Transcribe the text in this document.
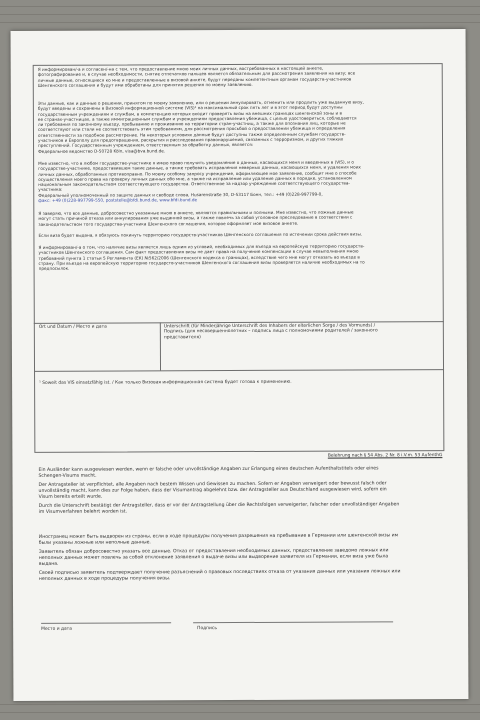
Я информирован/-а и согласен/-на с тем, что предоставление мною моих личных данных, востребованных в настоящей анкете,
фотографирование и, в случае необходимости, снятие отпечатков пальцев является обязательным для рассмотрения заявления на визу; все
личные данные, относящиеся ко мне и предоставленные в визовой анкете, будут переданы компетентным органам государств-участников
Шенгенского соглашения и будут ими обработаны для принятия решения по моему заявлению.
Эти данные, как и данные о решении, принятом по моему заявлению, или о решении аннулировать, отменить или продлить уже выданную визу,
будут введены и сохранены в Визовой информационной системе (VIS)¹ на максимальный срок пять лет и в этот период будут доступны
государственным учреждениям и службам, в компетенцию которых входит проверять визы на внешних границах шенгенской зоны и в
ее странах-участницах, а также иммиграционным службам и учреждениям предоставления убежища, с целью удостовериться, соблюдаются
ли требования по законному въезду, пребыванию и проживанию на территории стран-участниц, а также для опознания лиц, которые не
соответствуют или стали не соответствовать этим требованиям, для рассмотрения просьбой о предоставлении убежища и определения
ответственности за подобное рассмотрение. На некоторых условиях данные будут доступны также определенным службам государств-
участников и Европолу для предотвращения, раскрытия и расследования правонарушений, связанных с терроризмом, и других тяжких
преступлений. Государственным учреждением, ответственным за обработку данных, является:
Федеральное ведомство D-50728 Köln, visa@bva.bund.de.
Мне известно, что в любом государстве-участнике я имею право получить уведомление о данных, касающихся меня и введенных в (VIS), и о
государстве-участнике, предоставившем такие данные, а также требовать исправления неверных данных, касающихся меня, и удаления моих
личных данных, обработанных противоправно. По моему особому запросу учреждение, оформляющее мое заявление, сообщит мне о способе
осуществления моего права на проверку личных данных обо мне, а также на исправление или удаление данных в порядке, установленном
национальным законодательством соответствующего государства. Ответственное за надзор учреждение соответствующего государства-
участника:
Федеральный уполномоченный по защите данных и свободе слова, Husarenstraße 30, D-53117 Бонн, тел.: +49 (0)228-997799-0,
факс: +49 (0)228-997799-550, poststelle@bfdi.bund.de, www.bfdi.bund.de
Я заверяю, что все данные, добросовестно указанные мною в анкете, являются правильными и полными. Мне известно, что ложные данные
могут стать причиной отказа или аннулирования уже выданной визы, а также повлечь за собой уголовное преследование в соответствии с
законодательством того государства-участника Шенгенского соглашения, которое оформляет мое визовое анкете.
Если виза будет выдана, я обязуюсь покинуть территорию государств-участников Шенгенского соглашения по истечении срока действия визы.
Я информирован/-а о том, что наличие визы является лишь одним из условий, необходимых для въезда на европейскую территорию государств-
участников Шенгенского соглашения. Сам факт предоставления визы не дает права на получение компенсации в случае невыполнения мною
требований пункта 1 статьи 5 Регламента (ЕК) №562/2006 (Шенгенского кодекса о границах), вследствие чего мне могут отказать во въезде в
страну. При въезде на европейскую территорию государств-участников Шенгенского соглашения визы проверяется наличие необходимых на то
предпосылок.
Ort und Datum / Место и дата	Unterschrift (für Minderjährige Unterschrift des Inhabers der elterlichen Sorge / des Vormunds) /
Подпись (для несовершеннолетних – подпись лица с полномочиями родителей / законного
представителя)
¹ Soweit das VIS einsatzfähig ist. / Как только Визовая информационная система будет готова к применению.
Belehrung nach § 54 Abs. 2 Nr. 8 i.V.m. 53 AufenthG
Ein Ausländer kann ausgewiesen werden, wenn er falsche oder unvollständige Angaben zur Erlangung eines deutschen Aufenthaltstitels oder eines
Schengen-Visums macht.
Der Antragsteller ist verpflichtet, alle Angaben nach bestem Wissen und Gewissen zu machen. Sofern er Angaben verweigert oder bewusst falsch oder
unvollständig macht, kann dies zur Folge haben, dass der Visumantrag abgelehnt bzw. der Antragsteller aus Deutschland ausgewiesen wird, sofern ein
Visum bereits erteilt wurde.
Durch die Unterschrift bestätigt der Antragsteller, dass er vor der Antragstellung über die Rechtsfolgen verweigerter, falscher oder unvollständiger Angaben
im Visumverfahren belehrt worden ist.
Иностранец может быть выдворен из страны, если в ходе процедуры получения разрешения на пребывание в Германии или шенгенской визы им
были указаны ложные или неполные данные.
Заявитель обязан добросовестно указать все данные. Отказ от предоставления необходимых данных, предоставление заведомо ложных или
неполных данных может повлечь за собой отклонение заявления о выдаче визы или выдворение заявителя из Германии, если виза уже была
выдана.
Своей подписью заявитель подтверждает получение разъяснений о правовых последствиях отказа от указания данных или указания ложных или
неполных данных в ходе процедуры получения визы.
Место и дата	Подпись
